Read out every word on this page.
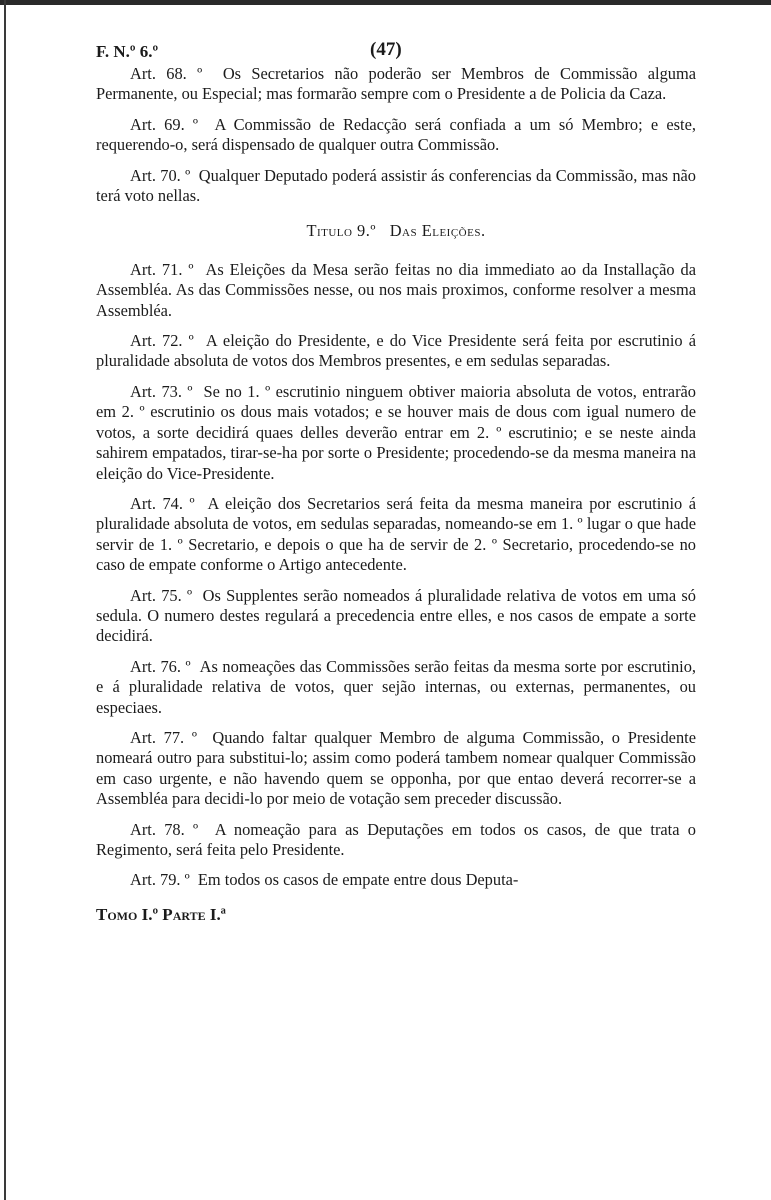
F. N.º 6.º	(47)

Art. 68. º Os Secretarios não poderão ser Membros de Commissão alguma Permanente, ou Especial; mas formarão sempre com o Presidente a de Policia da Caza.

Art. 69. º A Commissão de Redacção será confiada a um só Membro; e este, requerendo-o, será dispensado de qualquer outra Commissão.

Art. 70. º Qualquer Deputado poderá assistir ás conferencias da Commissão, mas não terá voto nellas.

Titulo 9.º Das Eleições.

Art. 71. º As Eleições da Mesa serão feitas no dia immediato ao da Installação da Assembléa. As das Commissões nesse, ou nos mais proximos, conforme resolver a mesma Assembléa.

Art. 72. º A eleição do Presidente, e do Vice Presidente será feita por escrutinio á pluralidade absoluta de votos dos Membros presentes, e em sedulas separadas.

Art. 73. º Se no 1. º escrutinio ninguem obtiver maioria absoluta de votos, entrarão em 2. º escrutinio os dous mais votados; e se houver mais de dous com igual numero de votos, a sorte decidirá quaes delles deverão entrar em 2. º escrutinio; e se neste ainda sahirem empatados, tirar-se-ha por sorte o Presidente; procedendo-se da mesma maneira na eleição do Vice-Presidente.

Art. 74. º A eleição dos Secretarios será feita da mesma maneira por escrutinio á pluralidade absoluta de votos, em sedulas separadas, nomeando-se em 1. º lugar o que hade servir de 1. º Secretario, e depois o que ha de servir de 2. º Secretario, procedendo-se no caso de empate conforme o Artigo antecedente.

Art. 75. º Os Supplentes serão nomeados á pluralidade relativa de votos em uma só sedula. O numero destes regulará a precedencia entre elles, e nos casos de empate a sorte decidirá.

Art. 76. º As nomeações das Commissões serão feitas da mesma sorte por escrutinio, e á pluralidade relativa de votos, quer sejão internas, ou externas, permanentes, ou especiaes.

Art. 77. º Quando faltar qualquer Membro de alguma Commissão, o Presidente nomeará outro para substitui-lo; assim como poderá tambem nomear qualquer Commissão em caso urgente, e não havendo quem se opponha, por que entao deverá recorrer-se a Assembléa para decidi-lo por meio de votação sem preceder discussão.

Art. 78. º A nomeação para as Deputações em todos os casos, de que trata o Regimento, será feita pelo Presidente.

Art. 79. º Em todos os casos de empate entre dous Deputa-

Tomo I.º Parte I.ª
